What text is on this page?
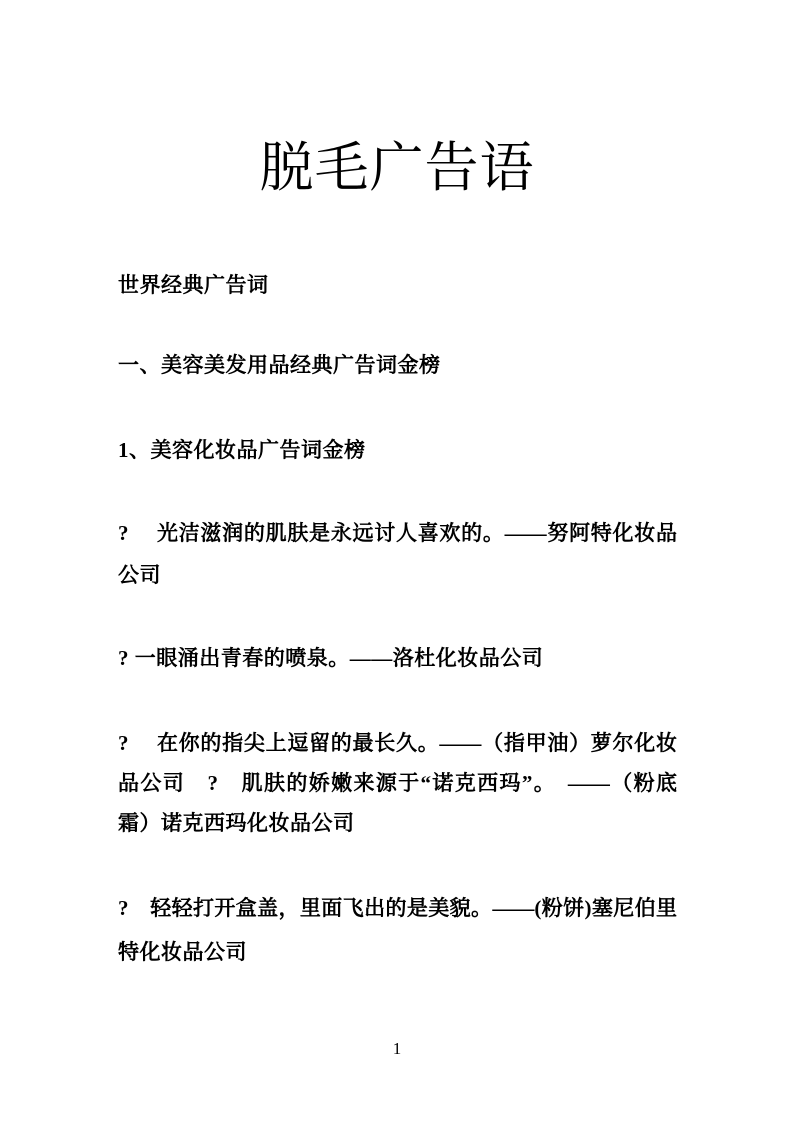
脱毛广告语
世界经典广告词
一、美容美发用品经典广告词金榜
1、美容化妆品广告词金榜
?　 光洁滋润的肌肤是永远讨人喜欢的。——努阿特化妆品
公司
? 一眼涌出青春的喷泉。——洛杜化妆品公司
?　 在你的指尖上逗留的最长久。——（指甲油）萝尔化妆
品公司　?　肌肤的娇嫩来源于“诺克西玛”。　——（粉底
霜）诺克西玛化妆品公司
?　轻轻打开盒盖，里面飞出的是美貌。——(粉饼)塞尼伯里
特化妆品公司
1
